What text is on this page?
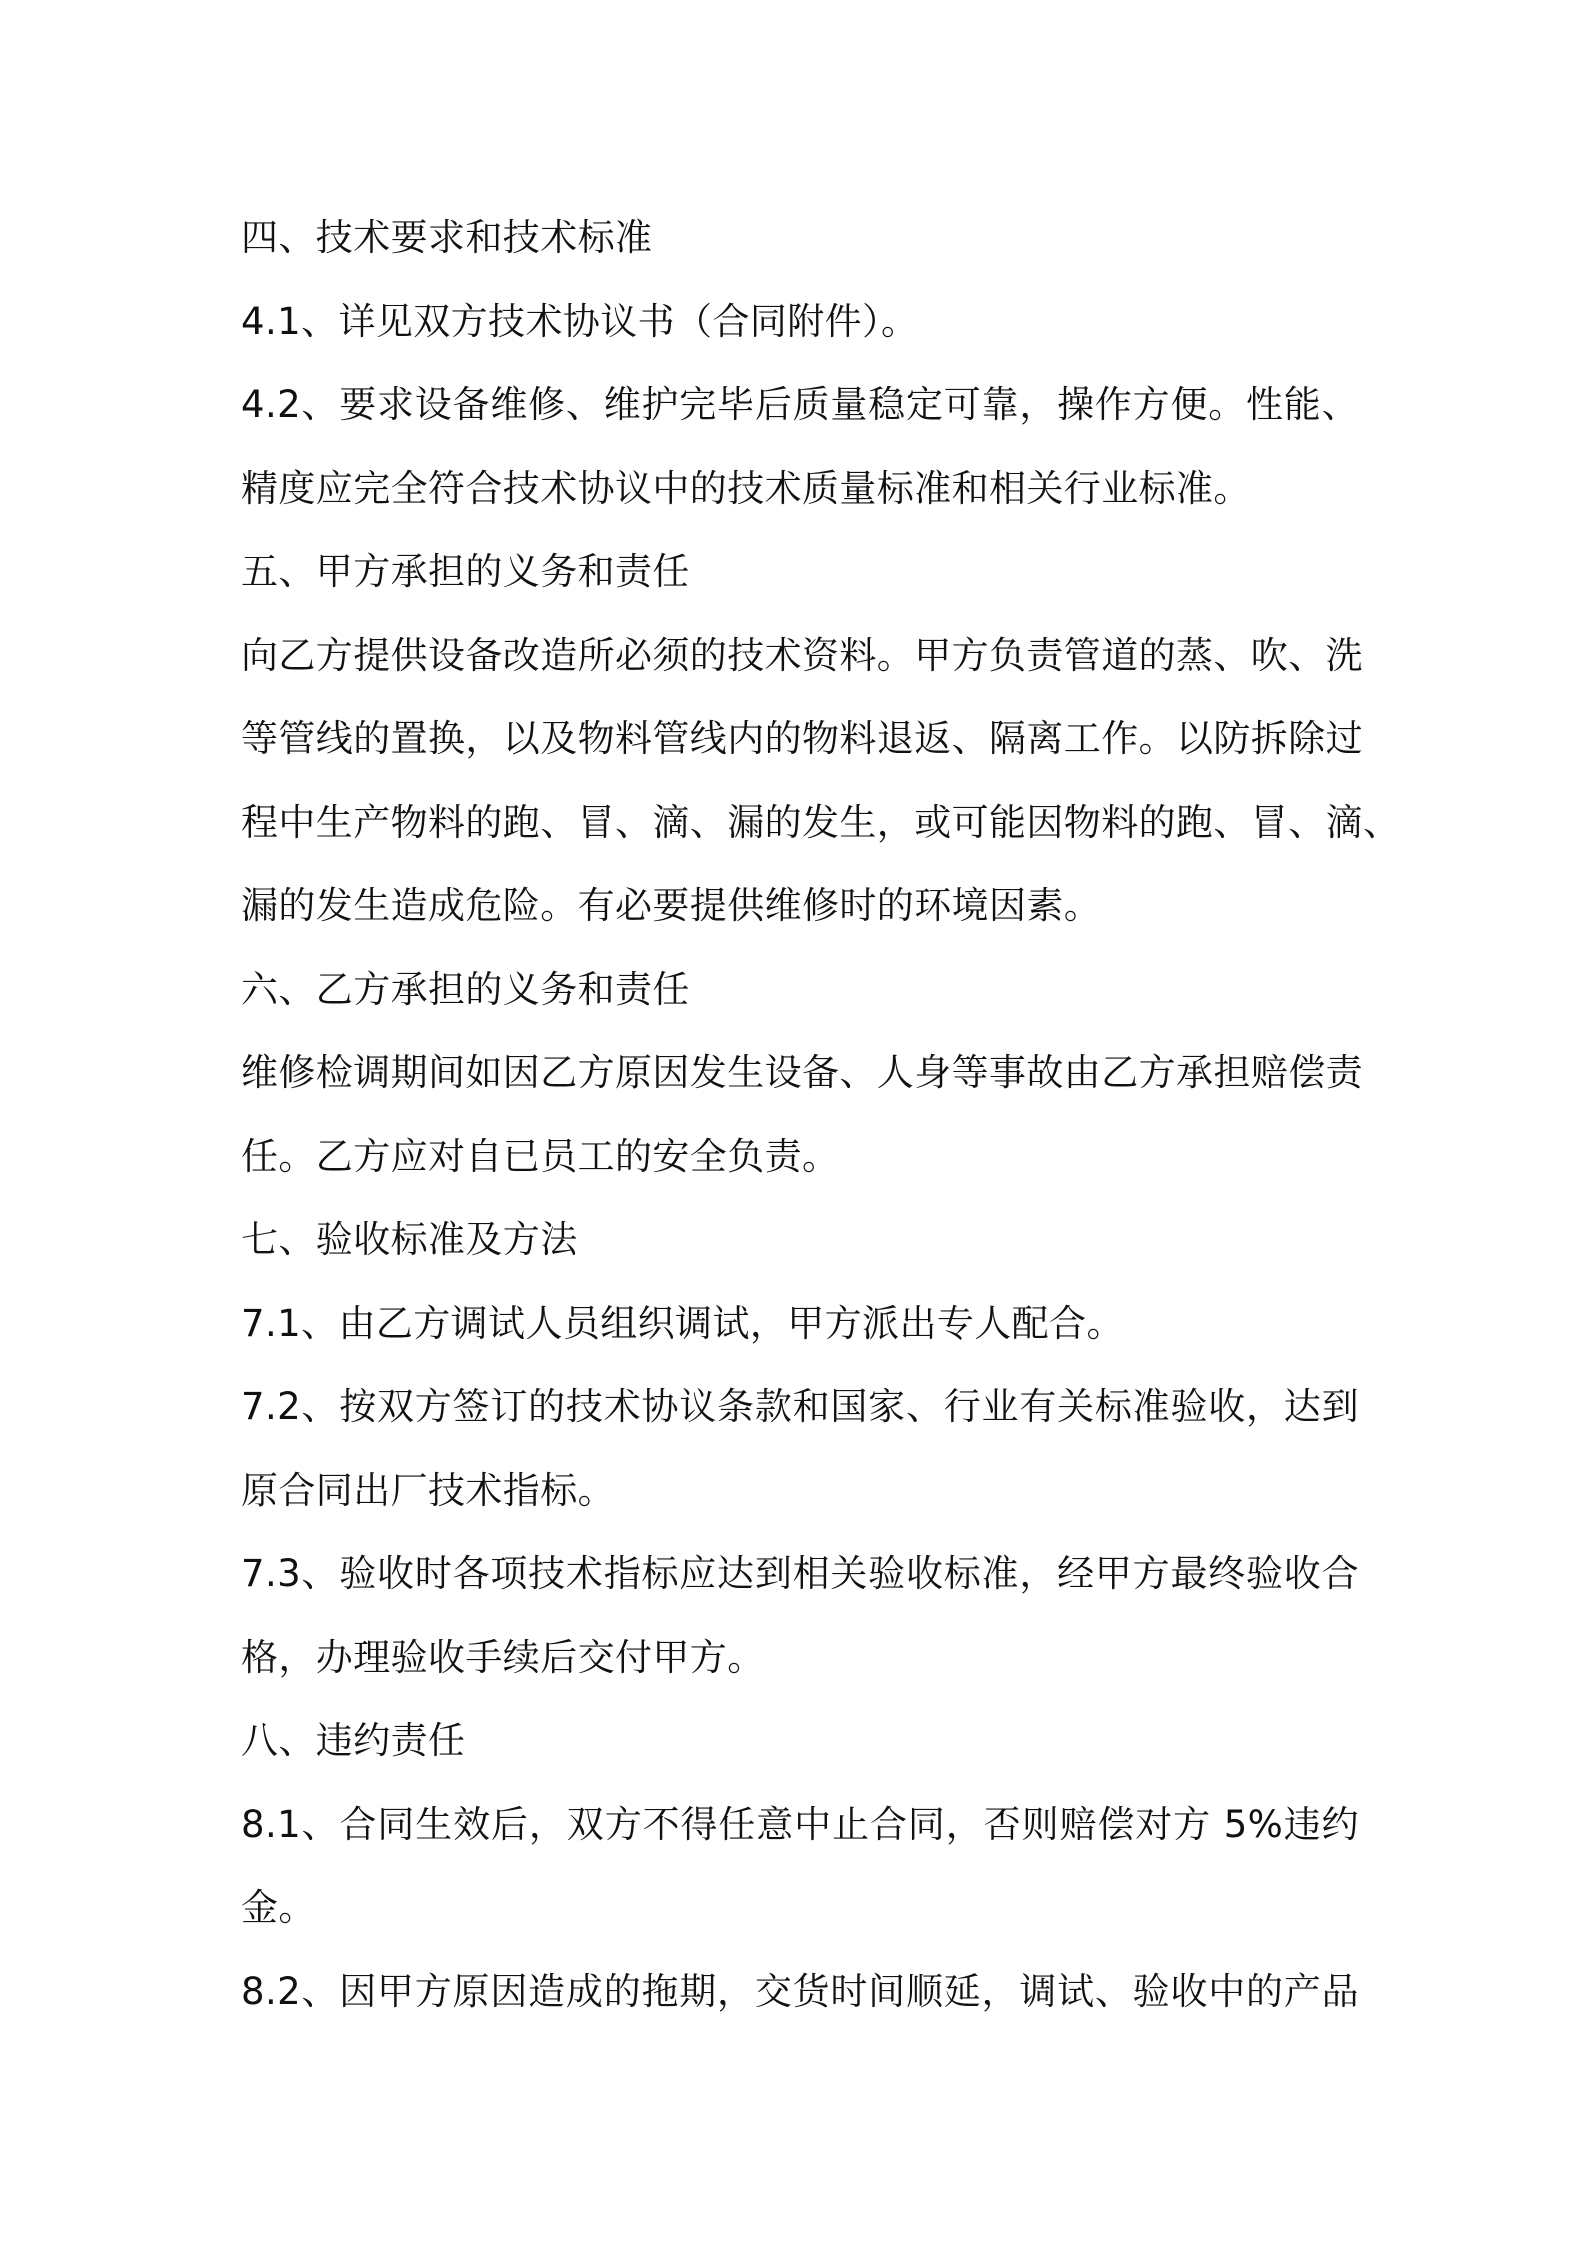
四、技术要求和技术标准
4.1、详见双方技术协议书（合同附件）。
4.2、要求设备维修、维护完毕后质量稳定可靠，操作方便。性能、
精度应完全符合技术协议中的技术质量标准和相关行业标准。
五、甲方承担的义务和责任
向乙方提供设备改造所必须的技术资料。甲方负责管道的蒸、吹、洗
等管线的置换，以及物料管线内的物料退返、隔离工作。以防拆除过
程中生产物料的跑、冒、滴、漏的发生，或可能因物料的跑、冒、滴、
漏的发生造成危险。有必要提供维修时的环境因素。
六、乙方承担的义务和责任
维修检调期间如因乙方原因发生设备、人身等事故由乙方承担赔偿责
任。乙方应对自已员工的安全负责。
七、验收标准及方法
7.1、由乙方调试人员组织调试，甲方派出专人配合。
7.2、按双方签订的技术协议条款和国家、行业有关标准验收，达到
原合同出厂技术指标。
7.3、验收时各项技术指标应达到相关验收标准，经甲方最终验收合
格，办理验收手续后交付甲方。
八、违约责任
8.1、合同生效后，双方不得任意中止合同，否则赔偿对方 5%违约
金。
8.2、因甲方原因造成的拖期，交货时间顺延，调试、验收中的产品
